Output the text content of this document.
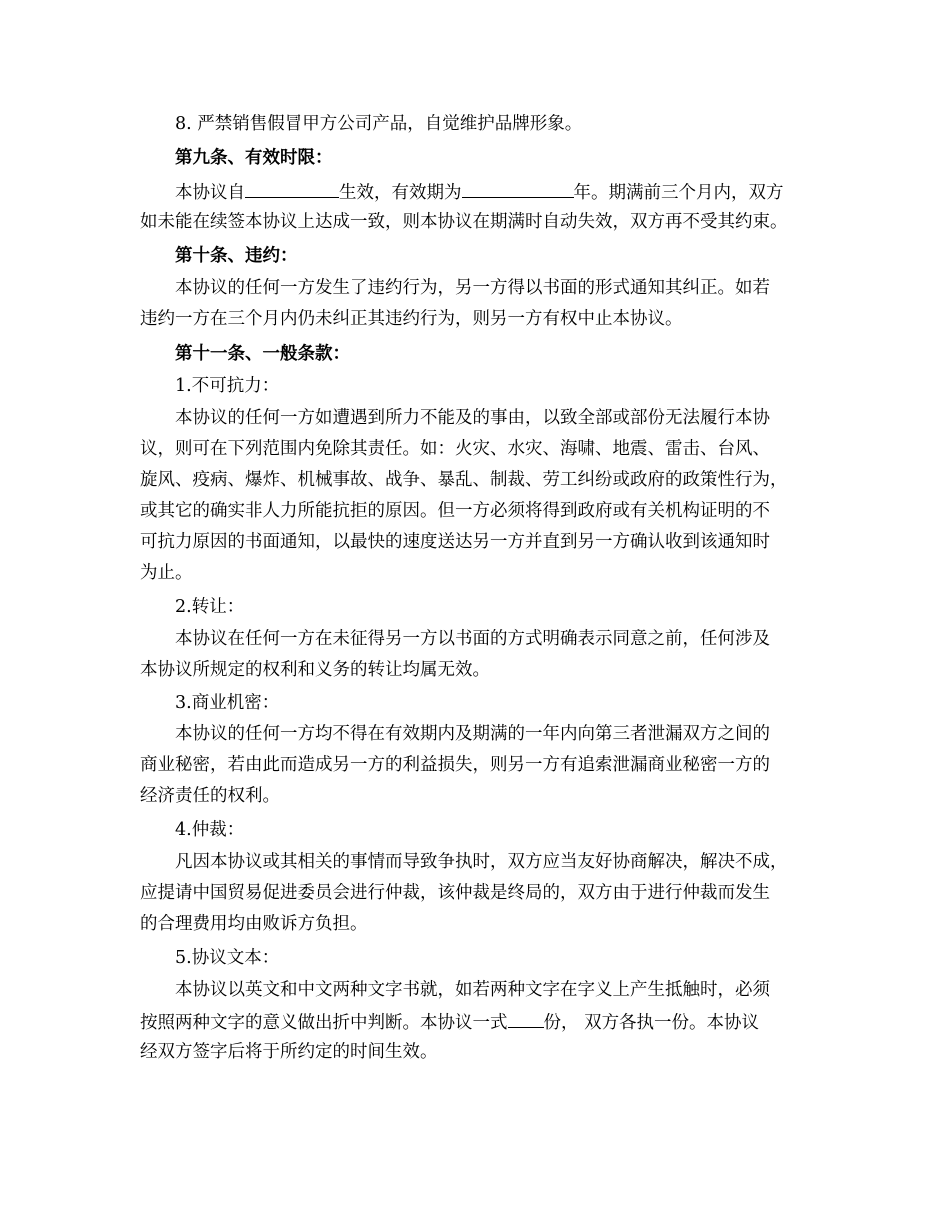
8. 严禁销售假冒甲方公司产品，自觉维护品牌形象。
第九条、有效时限：
本协议自	生效，有效期为	年。期满前三个月内，双方
如未能在续签本协议上达成一致，则本协议在期满时自动失效，双方再不受其约束。
第十条、违约：
本协议的任何一方发生了违约行为，另一方得以书面的形式通知其纠正。如若
违约一方在三个月内仍未纠正其违约行为，则另一方有权中止本协议。
第十一条、一般条款：
1.不可抗力：
本协议的任何一方如遭遇到所力不能及的事由，以致全部或部份无法履行本协
议，则可在下列范围内免除其责任。如：火灾、水灾、海啸、地震、雷击、台风、
旋风、疫病、爆炸、机械事故、战争、暴乱、制裁、劳工纠纷或政府的政策性行为，
或其它的确实非人力所能抗拒的原因。但一方必须将得到政府或有关机构证明的不
可抗力原因的书面通知，以最快的速度送达另一方并直到另一方确认收到该通知时
为止。
2.转让：
本协议在任何一方在未征得另一方以书面的方式明确表示同意之前，任何涉及
本协议所规定的权利和义务的转让均属无效。
3.商业机密：
本协议的任何一方均不得在有效期内及期满的一年内向第三者泄漏双方之间的
商业秘密，若由此而造成另一方的利益损失，则另一方有追索泄漏商业秘密一方的
经济责任的权利。
4.仲裁：
凡因本协议或其相关的事情而导致争执时，双方应当友好协商解决，解决不成，
应提请中国贸易促进委员会进行仲裁，该仲裁是终局的，双方由于进行仲裁而发生
的合理费用均由败诉方负担。
5.协议文本：
本协议以英文和中文两种文字书就，如若两种文字在字义上产生抵触时，必须
按照两种文字的意义做出折中判断。本协议一式 份， 双方各执一份。本协议
经双方签字后将于所约定的时间生效。
